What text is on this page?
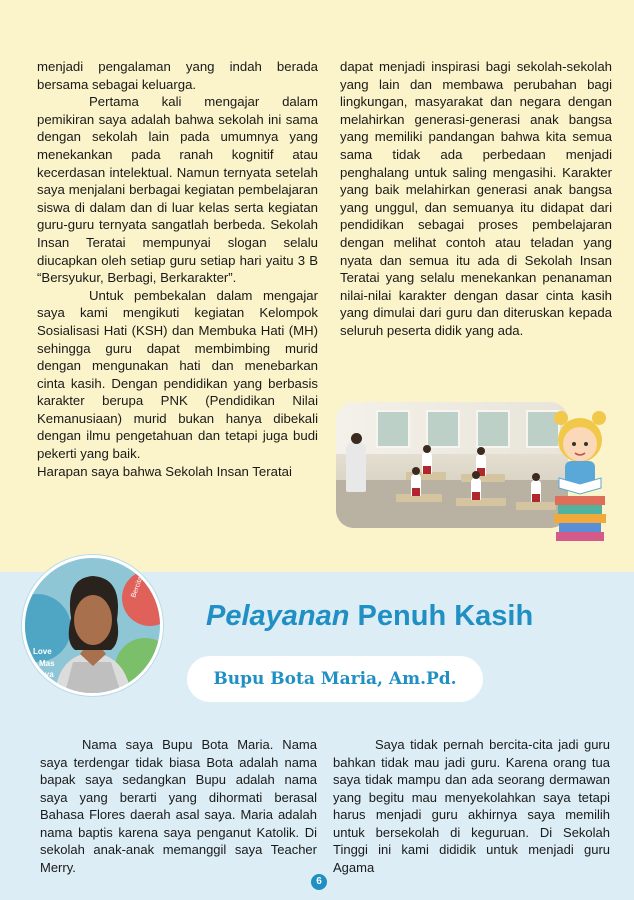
menjadi pengalaman yang indah berada bersama sebagai keluarga.

Pertama kali mengajar dalam pemikiran saya adalah bahwa sekolah ini sama dengan sekolah lain pada umumnya yang menekankan pada ranah kognitif atau kecerdasan intelektual. Namun ternyata setelah saya menjalani berbagai kegiatan pembelajaran siswa di dalam dan di luar kelas serta kegiatan guru-guru ternyata sangatlah berbeda. Sekolah Insan Teratai mempunyai slogan selalu diucapkan oleh setiap guru setiap hari yaitu 3 B “Bersyukur, Berbagi, Berkarakter”.

Untuk pembekalan dalam mengajar saya kami mengikuti kegiatan Kelompok Sosialisasi Hati (KSH) dan Membuka Hati (MH) sehingga guru dapat membimbing murid dengan mengunakan hati dan menebarkan cinta kasih. Dengan pendidikan yang berbasis karakter berupa PNK (Pendidikan Nilai Kemanusiaan) murid bukan hanya dibekali dengan ilmu pengetahuan dan tetapi juga budi pekerti yang baik.

Harapan saya bahwa Sekolah Insan Teratai

dapat menjadi inspirasi bagi sekolah-sekolah yang lain dan membawa perubahan bagi lingkungan, masyarakat dan negara dengan melahirkan generasi-generasi anak bangsa yang memiliki pandangan bahwa kita semua sama tidak ada perbedaan menjadi penghalang untuk saling mengasihi. Karakter yang baik melahirkan generasi anak bangsa yang unggul, dan semuanya itu didapat dari pendidikan sebagai proses pembelajaran dengan melihat contoh atau teladan yang nyata dan semua itu ada di Sekolah Insan Teratai yang selalu menekankan penanaman nilai-nilai karakter dengan dasar cinta kasih yang dimulai dari guru dan diteruskan kepada seluruh peserta didik yang ada.

Love
Mas
Saya
Bercita
Pelayanan Penuh Kasih
Bupu Bota Maria, Am.Pd.

Nama saya Bupu Bota Maria. Nama saya terdengar tidak biasa Bota adalah nama bapak saya sedangkan Bupu adalah nama saya yang berarti yang dihormati berasal Bahasa Flores daerah asal saya. Maria adalah nama baptis karena saya penganut Katolik. Di sekolah anak-anak memanggil saya Teacher Merry.

Saya tidak pernah bercita-cita jadi guru bahkan tidak mau jadi guru. Karena orang tua saya tidak mampu dan ada seorang dermawan yang begitu mau menyekolahkan saya tetapi harus menjadi guru akhirnya saya memilih untuk bersekolah di keguruan. Di Sekolah Tinggi ini kami dididik untuk menjadi guru Agama

6
